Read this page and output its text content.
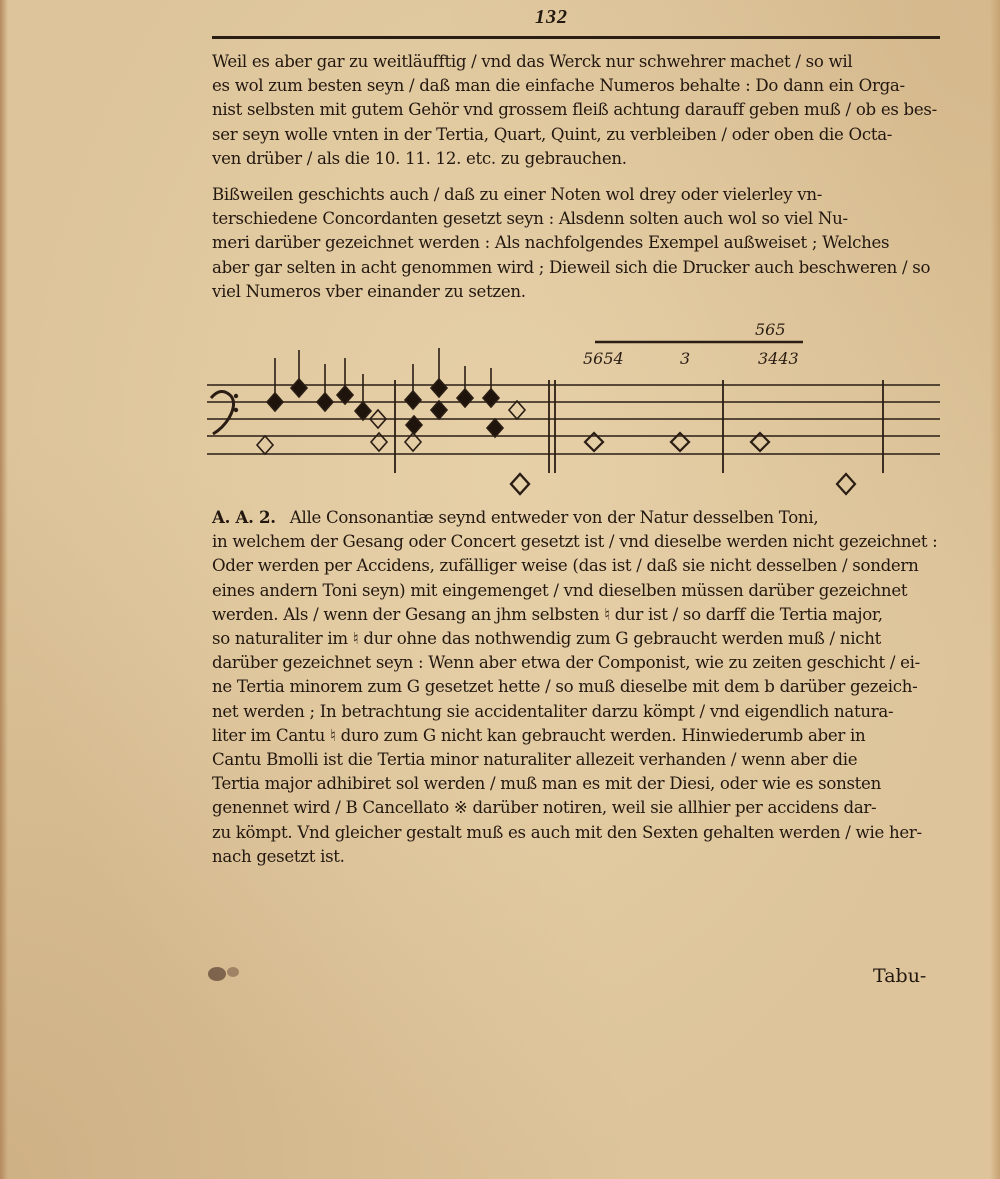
132
Weil es aber gar zu weitläufftig / vnd das Werck nur schwehrer machet / so wil
es wol zum besten seyn / daß man die einfache Numeros behalte : Do dann ein Orga-
nist selbsten mit gutem Gehör vnd grossem fleiß achtung darauff geben muß / ob es bes-
ser seyn wolle vnten in der Tertia, Quart, Quint, zu verbleiben / oder oben die Octa-
ven drüber / als die 10. 11. 12. etc. zu gebrauchen.
Bißweilen geschichts auch / daß zu einer Noten wol drey oder vielerley vn-
terschiedene Concordanten gesetzt seyn : Alsdenn solten auch wol so viel Nu-
meri darüber gezeichnet werden : Als nachfolgendes Exempel außweiset ; Welches
aber gar selten in acht genommen wird ; Dieweil sich die Drucker auch beschweren / so
viel Numeros vber einander zu setzen.
565
5654	3	3443
A. A. 2. Alle Consonantiæ seynd entweder von der Natur desselben Toni,
in welchem der Gesang oder Concert gesetzt ist / vnd dieselbe werden nicht gezeichnet :
Oder werden per Accidens, zufälliger weise (das ist / daß sie nicht desselben / sondern
eines andern Toni seyn) mit eingemenget / vnd dieselben müssen darüber gezeichnet
werden. Als / wenn der Gesang an jhm selbsten ♮ dur ist / so darff die Tertia major,
so naturaliter im ♮ dur ohne das nothwendig zum G gebraucht werden muß / nicht
darüber gezeichnet seyn : Wenn aber etwa der Componist, wie zu zeiten geschicht / ei-
ne Tertia minorem zum G gesetzet hette / so muß dieselbe mit dem b darüber gezeich-
net werden ; In betrachtung sie accidentaliter darzu kömpt / vnd eigendlich natura-
liter im Cantu ♮ duro zum G nicht kan gebraucht werden. Hinwiederumb aber in
Cantu Bmolli ist die Tertia minor naturaliter allezeit verhanden / wenn aber die
Tertia major adhibiret sol werden / muß man es mit der Diesi, oder wie es sonsten
genennet wird / B Cancellato ※ darüber notiren, weil sie allhier per accidens dar-
zu kömpt. Vnd gleicher gestalt muß es auch mit den Sexten gehalten werden / wie her-
nach gesetzt ist.
Tabu-
